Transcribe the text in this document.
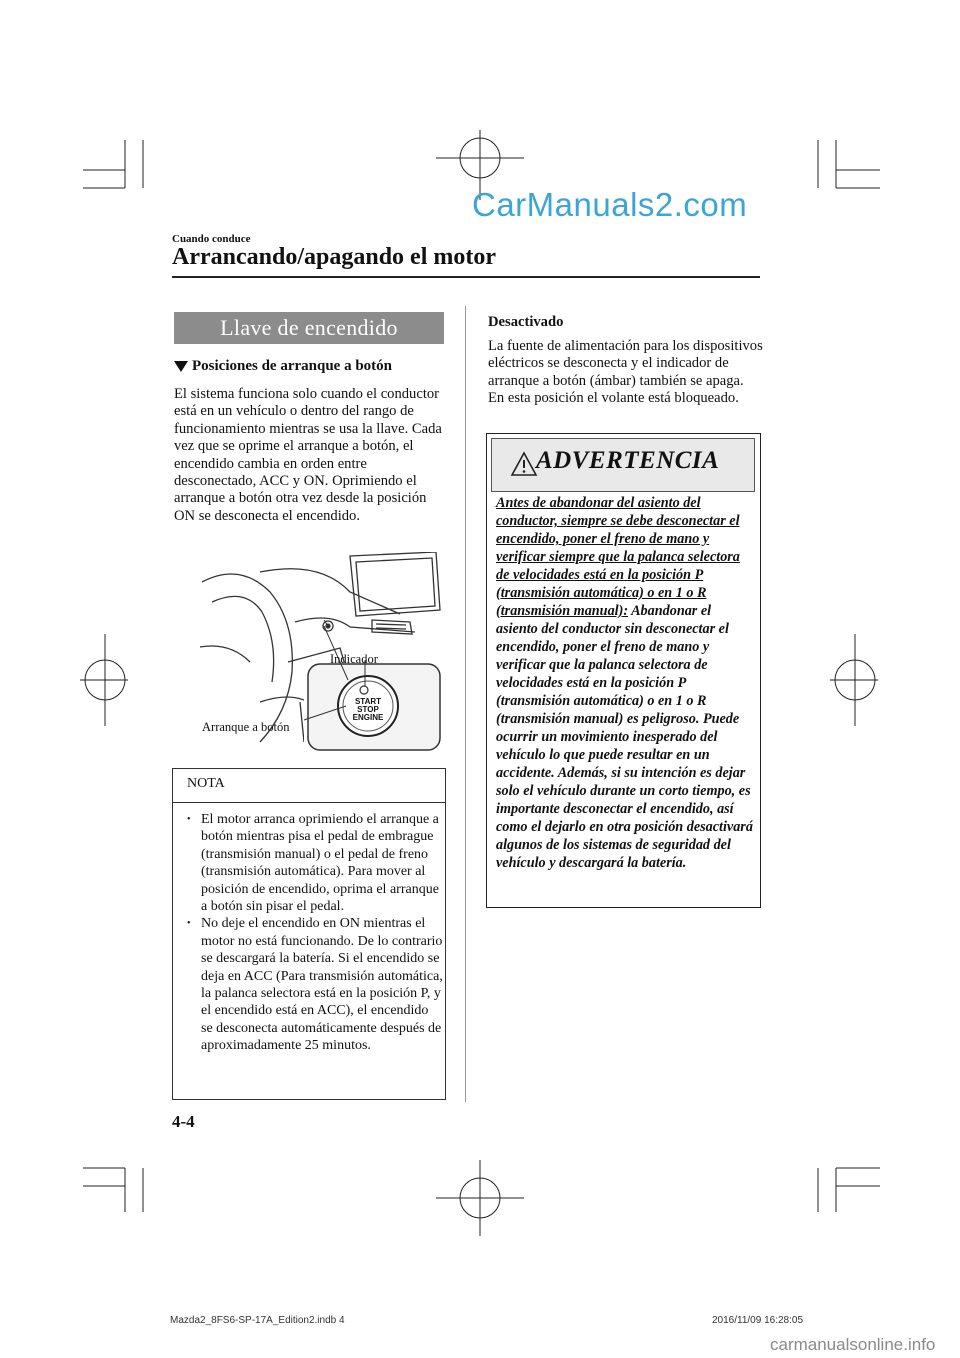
CarManuals2.com
Cuando conduce
Arrancando/apagando el motor
Llave de encendido
Posiciones de arranque a botón
El sistema funciona solo cuando el conductor está en un vehículo o dentro del rango de funcionamiento mientras se usa la llave. Cada vez que se oprime el arranque a botón, el encendido cambia en orden entre desconectado, ACC y ON. Oprimiendo el arranque a botón otra vez desde la posición ON se desconecta el encendido.
START
STOP
ENGINE
Indicador
Arranque a botón
NOTA
• El motor arranca oprimiendo el arranque a botón mientras pisa el pedal de embrague (transmisión manual) o el pedal de freno (transmisión automática). Para mover al posición de encendido, oprima el arranque a botón sin pisar el pedal.
• No deje el encendido en ON mientras el motor no está funcionando. De lo contrario se descargará la batería. Si el encendido se deja en ACC (Para transmisión automática, la palanca selectora está en la posición P, y el encendido está en ACC), el encendido se desconecta automáticamente después de aproximadamente 25 minutos.
Desactivado
La fuente de alimentación para los dispositivos eléctricos se desconecta y el indicador de arranque a botón (ámbar) también se apaga.
En esta posición el volante está bloqueado.
ADVERTENCIA
Antes de abandonar del asiento del conductor, siempre se debe desconectar el encendido, poner el freno de mano y verificar siempre que la palanca selectora de velocidades está en la posición P (transmisión automática) o en 1 o R (transmisión manual): Abandonar el asiento del conductor sin desconectar el encendido, poner el freno de mano y verificar que la palanca selectora de velocidades está en la posición P (transmisión automática) o en 1 o R (transmisión manual) es peligroso. Puede ocurrir un movimiento inesperado del vehículo lo que puede resultar en un accidente. Además, si su intención es dejar solo el vehículo durante un corto tiempo, es importante desconectar el encendido, así como el dejarlo en otra posición desactivará algunos de los sistemas de seguridad del vehículo y descargará la batería.
4-4
Mazda2_8FS6-SP-17A_Edition2.indb 4	2016/11/09 16:28:05
carmanualsonline.info
